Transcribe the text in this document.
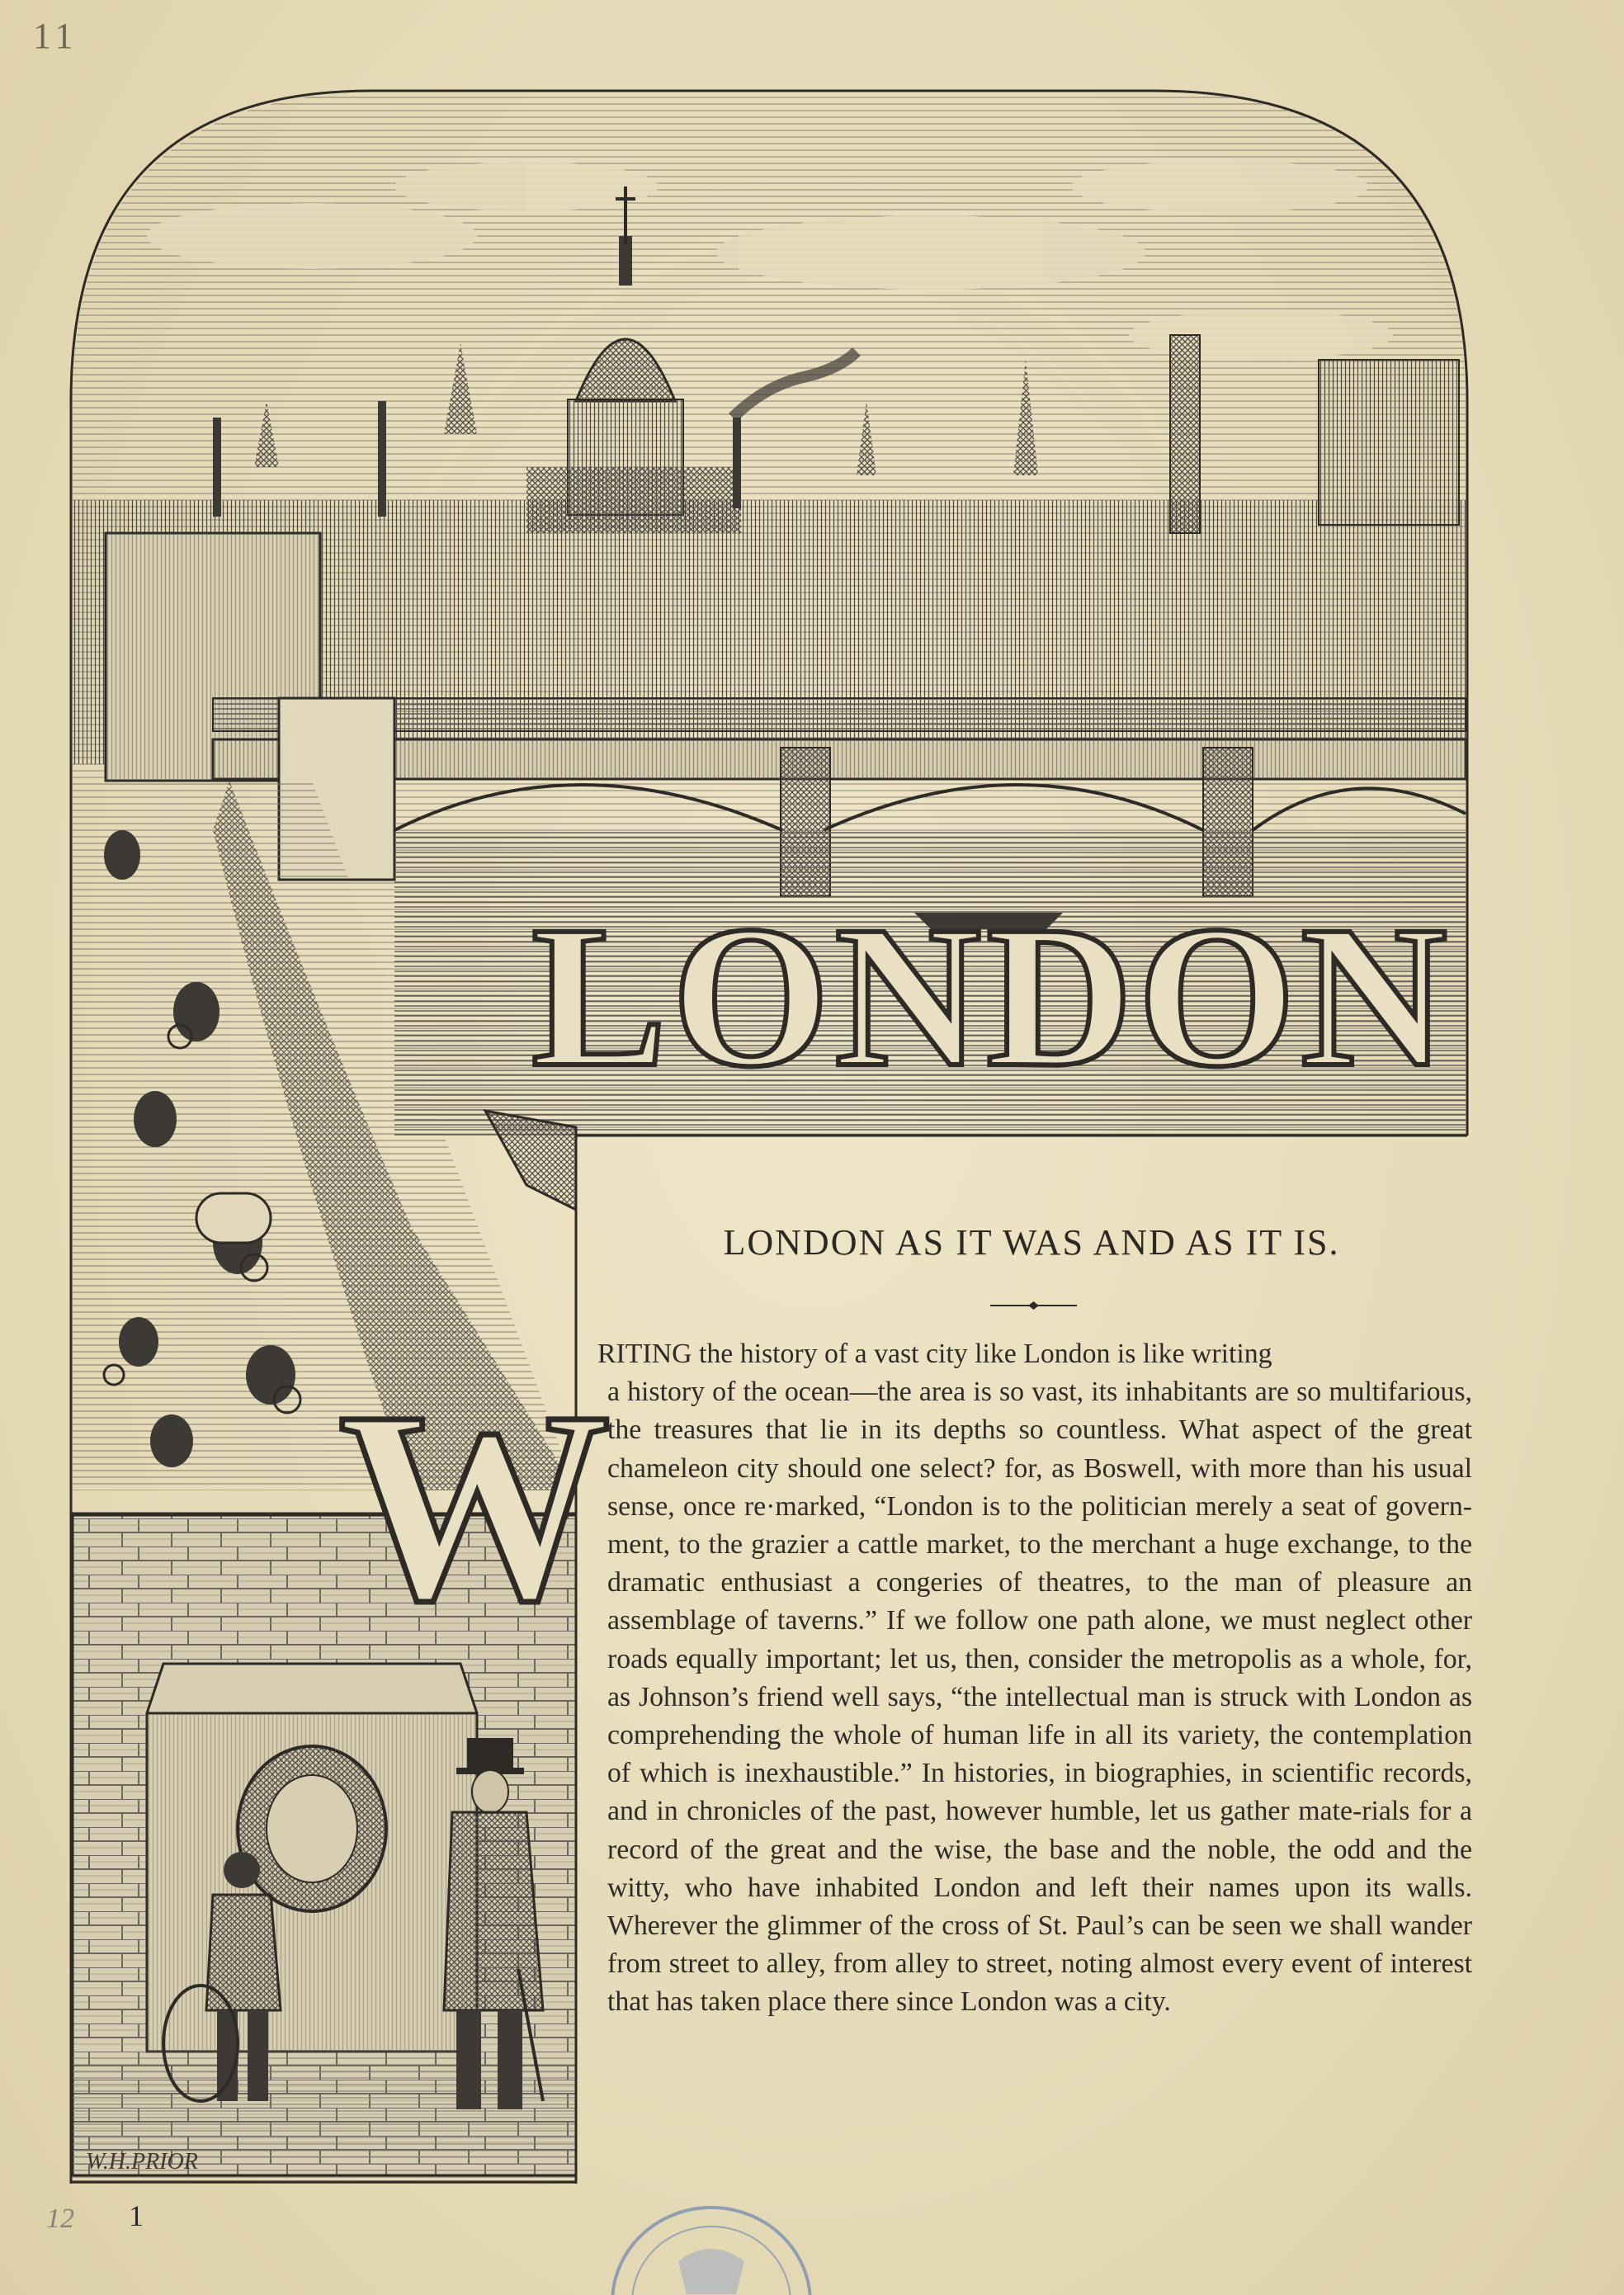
11
LONDON
W
W.H.PRIOR
LONDON AS IT WAS AND AS IT IS.
RITING the history of a vast city like London is like writing
a history of the ocean—the area is so vast, its inhabitants are so multifarious, the treasures that lie in its depths so countless. What aspect of the great chameleon city should one select? for, as Boswell, with more than his usual sense, once re·marked, “London is to the politician merely a seat of govern-ment, to the grazier a cattle market, to the merchant a huge exchange, to the dramatic enthusiast a congeries of theatres, to the man of pleasure an assemblage of taverns.” If we follow one path alone, we must neglect other roads equally important; let us, then, consider the metropolis as a whole, for, as Johnson’s friend well says, “the intellectual man is struck with London as comprehending the whole of human life in all its variety, the contemplation of which is inexhaustible.” In histories, in biographies, in scientific records, and in chronicles of the past, however humble, let us gather mate-rials for a record of the great and the wise, the base and the noble, the odd and the witty, who have inhabited London and left their names upon its walls. Wherever the glimmer of the cross of St. Paul’s can be seen we shall wander from street to alley, from alley to street, noting almost every event of interest that has taken place there since London was a city.
12 1
